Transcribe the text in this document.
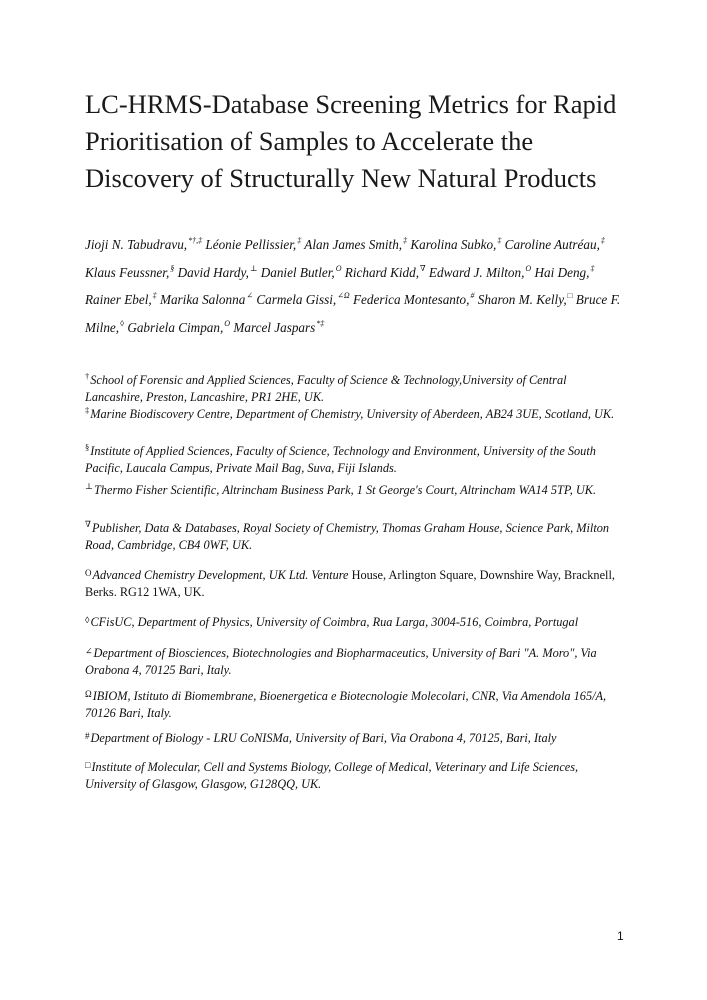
LC-HRMS-Database Screening Metrics for Rapid Prioritisation of Samples to Accelerate the Discovery of Structurally New Natural Products
Jioji N. Tabudravu,*†,‡ Léonie Pellissier,‡ Alan James Smith,‡ Karolina Subko,‡ Caroline Autréau,‡ Klaus Feussner,§ David Hardy,⊥ Daniel Butler,$^O$ Richard Kidd,∇ Edward J. Milton,$^O$ Hai Deng,‡ Rainer Ebel,‡ Marika Salonna∠ Carmela Gissi,$^{\angle\Omega}$ Federica Montesanto,# Sharon M. Kelly,□ Bruce F. Milne,◊ Gabriela Cimpan,$^O$ Marcel Jaspars*‡

†School of Forensic and Applied Sciences, Faculty of Science & Technology,University of Central Lancashire, Preston, Lancashire, PR1 2HE, UK.

‡Marine Biodiscovery Centre, Department of Chemistry, University of Aberdeen, AB24 3UE, Scotland, UK.

§Institute of Applied Sciences, Faculty of Science, Technology and Environment, University of the South Pacific, Laucala Campus, Private Mail Bag, Suva, Fiji Islands.

⊥Thermo Fisher Scientific, Altrincham Business Park, 1 St George's Court, Altrincham WA14 5TP, UK.

∇Publisher, Data & Databases, Royal Society of Chemistry, Thomas Graham House, Science Park, Milton Road, Cambridge, CB4 0WF, UK.

$^O$Advanced Chemistry Development, UK Ltd. Venture House, Arlington Square, Downshire Way, Bracknell, Berks. RG12 1WA, UK.

◊CFisUC, Department of Physics, University of Coimbra, Rua Larga, 3004-516, Coimbra, Portugal

∠Department of Biosciences, Biotechnologies and Biopharmaceutics, University of Bari "A. Moro", Via Orabona 4, 70125 Bari, Italy.

$^\Omega$IBIOM, Istituto di Biomembrane, Bioenergetica e Biotecnologie Molecolari, CNR, Via Amendola 165/A, 70126 Bari, Italy.

#Department of Biology - LRU CoNISMa, University of Bari, Via Orabona 4, 70125, Bari, Italy

□Institute of Molecular, Cell and Systems Biology, College of Medical, Veterinary and Life Sciences, University of Glasgow, Glasgow, G128QQ, UK.

1
